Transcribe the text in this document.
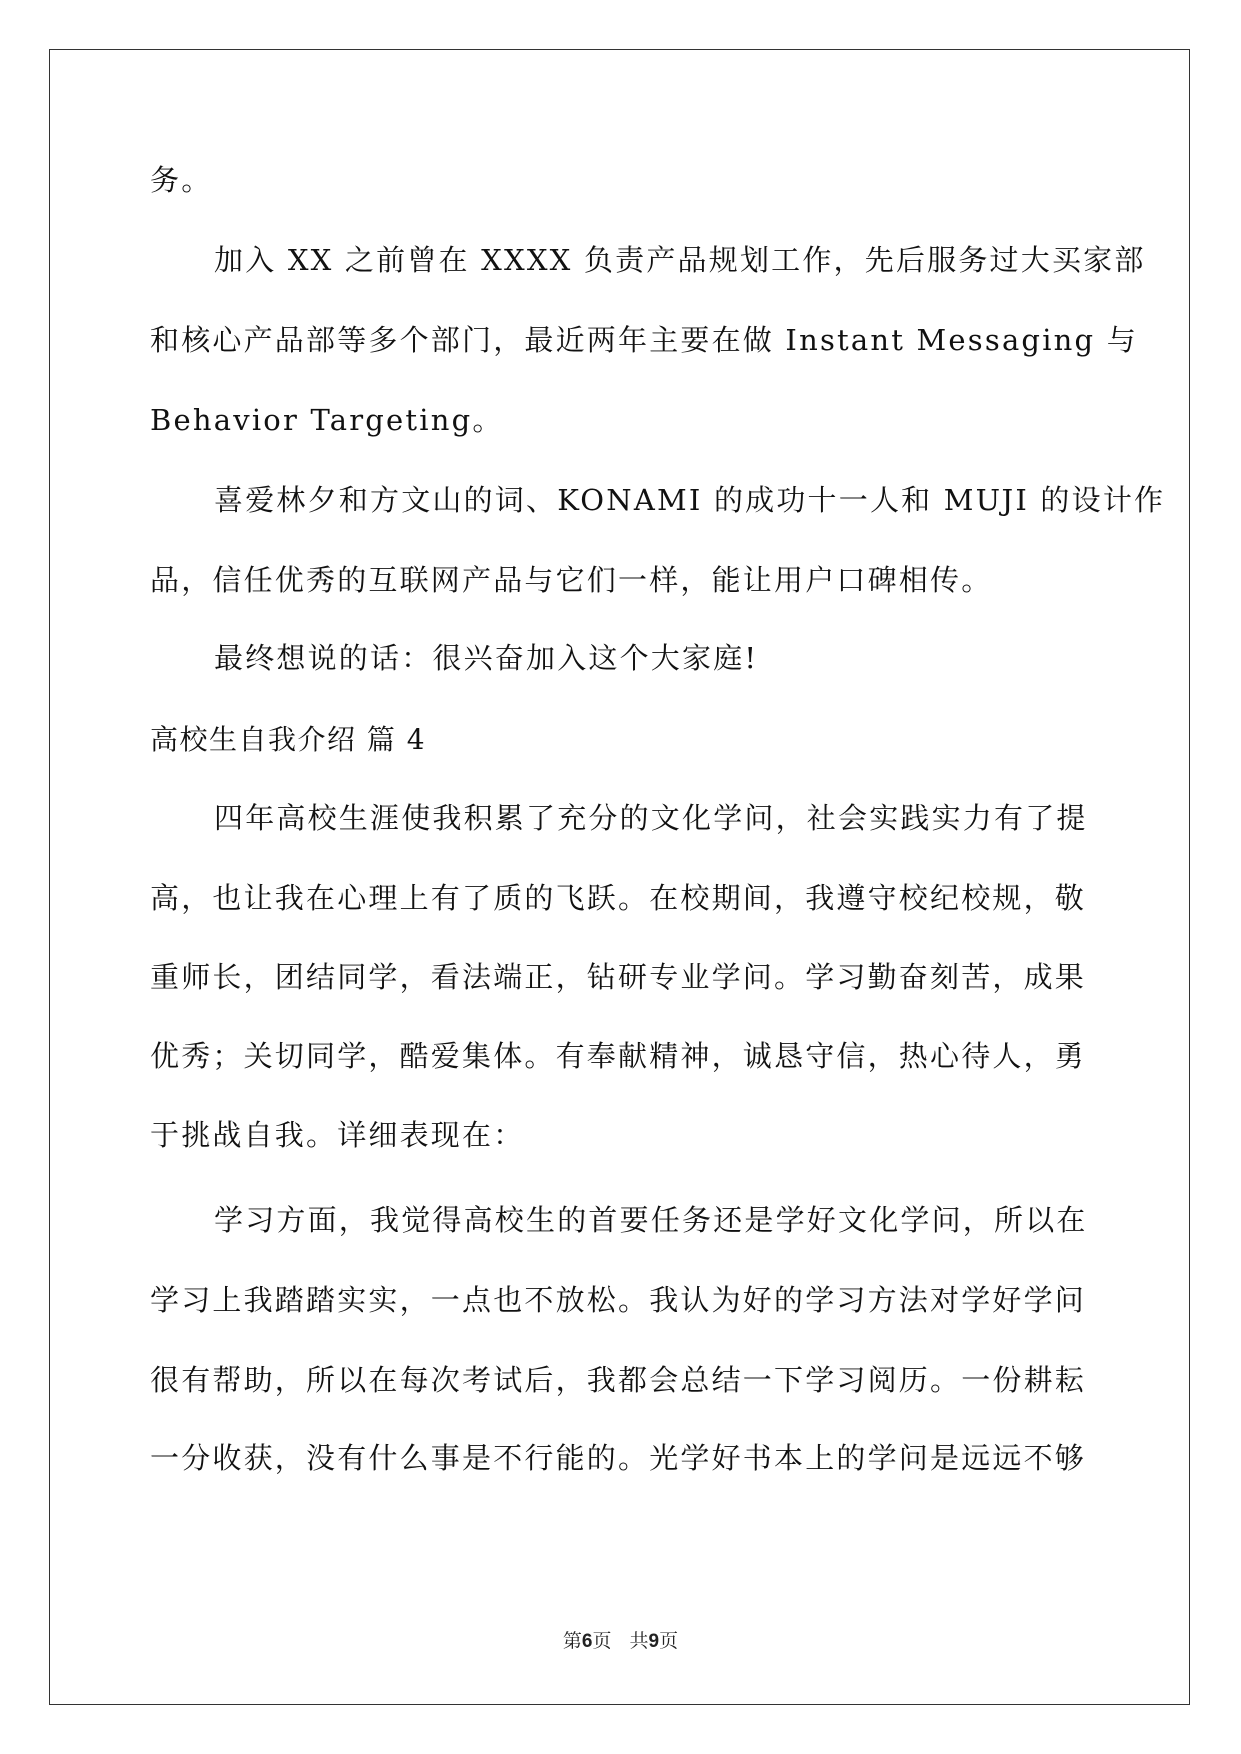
务。
加入 XX 之前曾在 XXXX 负责产品规划工作，先后服务过大买家部
和核心产品部等多个部门，最近两年主要在做 Instant Messaging 与
Behavior Targeting。
喜爱林夕和方文山的词、KONAMI 的成功十一人和 MUJI 的设计作
品，信任优秀的互联网产品与它们一样，能让用户口碑相传。
最终想说的话：很兴奋加入这个大家庭!
高校生自我介绍 篇 4
四年高校生涯使我积累了充分的文化学问，社会实践实力有了提
高，也让我在心理上有了质的飞跃。在校期间，我遵守校纪校规，敬
重师长，团结同学，看法端正，钻研专业学问。学习勤奋刻苦，成果
优秀；关切同学，酷爱集体。有奉献精神，诚恳守信，热心待人，勇
于挑战自我。详细表现在：
学习方面，我觉得高校生的首要任务还是学好文化学问，所以在
学习上我踏踏实实，一点也不放松。我认为好的学习方法对学好学问
很有帮助，所以在每次考试后，我都会总结一下学习阅历。一份耕耘
一分收获，没有什么事是不行能的。光学好书本上的学问是远远不够
第6页 共9页
